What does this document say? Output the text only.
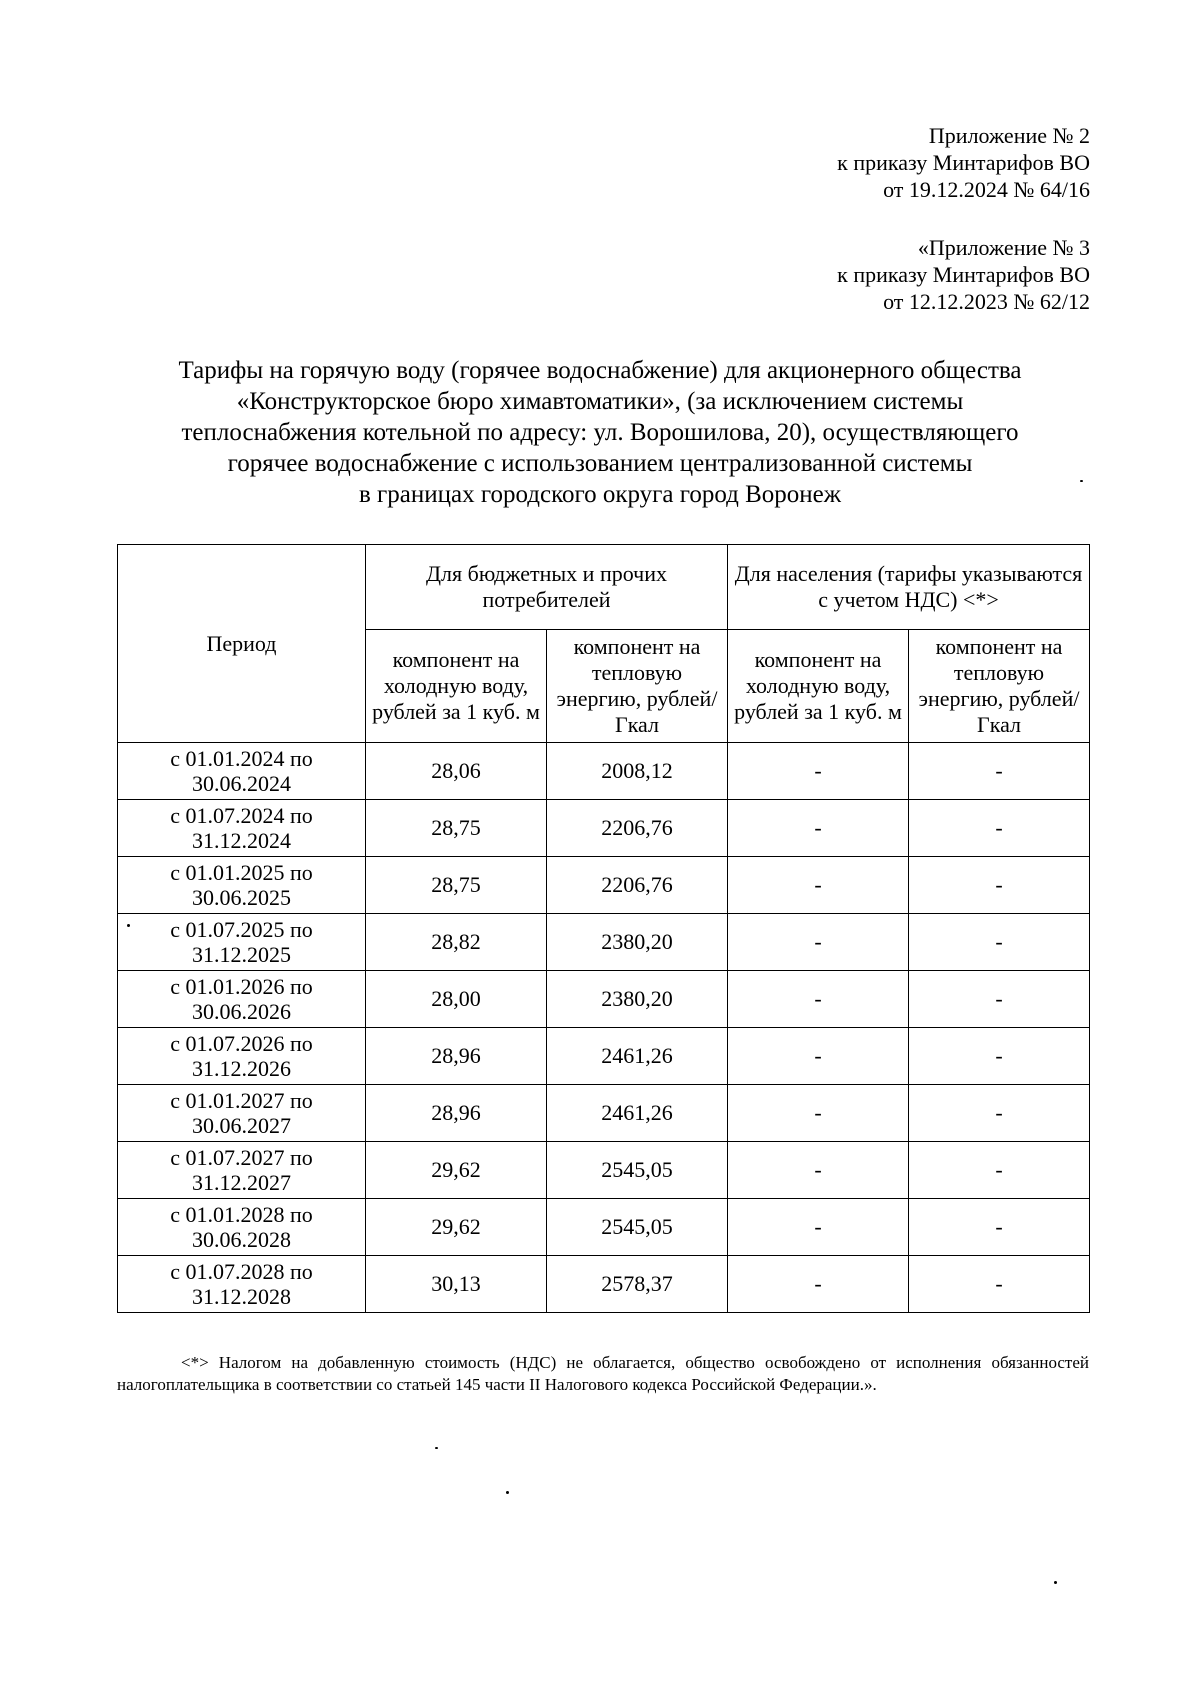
Приложение № 2
к приказу Минтарифов ВО
от 19.12.2024 № 64/16
«Приложение № 3
к приказу Минтарифов ВО
от 12.12.2023 № 62/12
Тарифы на горячую воду (горячее водоснабжение) для акционерного общества
«Конструкторское бюро химавтоматики», (за исключением системы
теплоснабжения котельной по адресу: ул. Ворошилова, 20), осуществляющего
горячее водоснабжение с использованием централизованной системы
в границах городского округа город Воронеж
Период	Для бюджетных и прочих потребителей		Для населения (тарифы указываются с учетом НДС) <*>	
	компонент на холодную воду, рублей за 1 куб. м	компонент на тепловую энергию, рублей/Гкал	компонент на холодную воду, рублей за 1 куб. м	компонент на тепловую энергию, рублей/Гкал

с 01.01.2024 по
30.06.2024	28,06	2008,12	-	-

с 01.07.2024 по
31.12.2024	28,75	2206,76	-	-

с 01.01.2025 по
30.06.2025	28,75	2206,76	-	-

с 01.07.2025 по
31.12.2025	28,82	2380,20	-	-

с 01.01.2026 по
30.06.2026	28,00	2380,20	-	-

с 01.07.2026 по
31.12.2026	28,96	2461,26	-	-

с 01.01.2027 по
30.06.2027	28,96	2461,26	-	-

с 01.07.2027 по
31.12.2027	29,62	2545,05	-	-

с 01.01.2028 по
30.06.2028	29,62	2545,05	-	-

с 01.07.2028 по
31.12.2028	30,13	2578,37	-	-
<*> Налогом на добавленную стоимость (НДС) не облагается, общество освобождено от исполнения обязанностей налогоплательщика в соответствии со статьей 145 части II Налогового кодекса Российской Федерации.».
